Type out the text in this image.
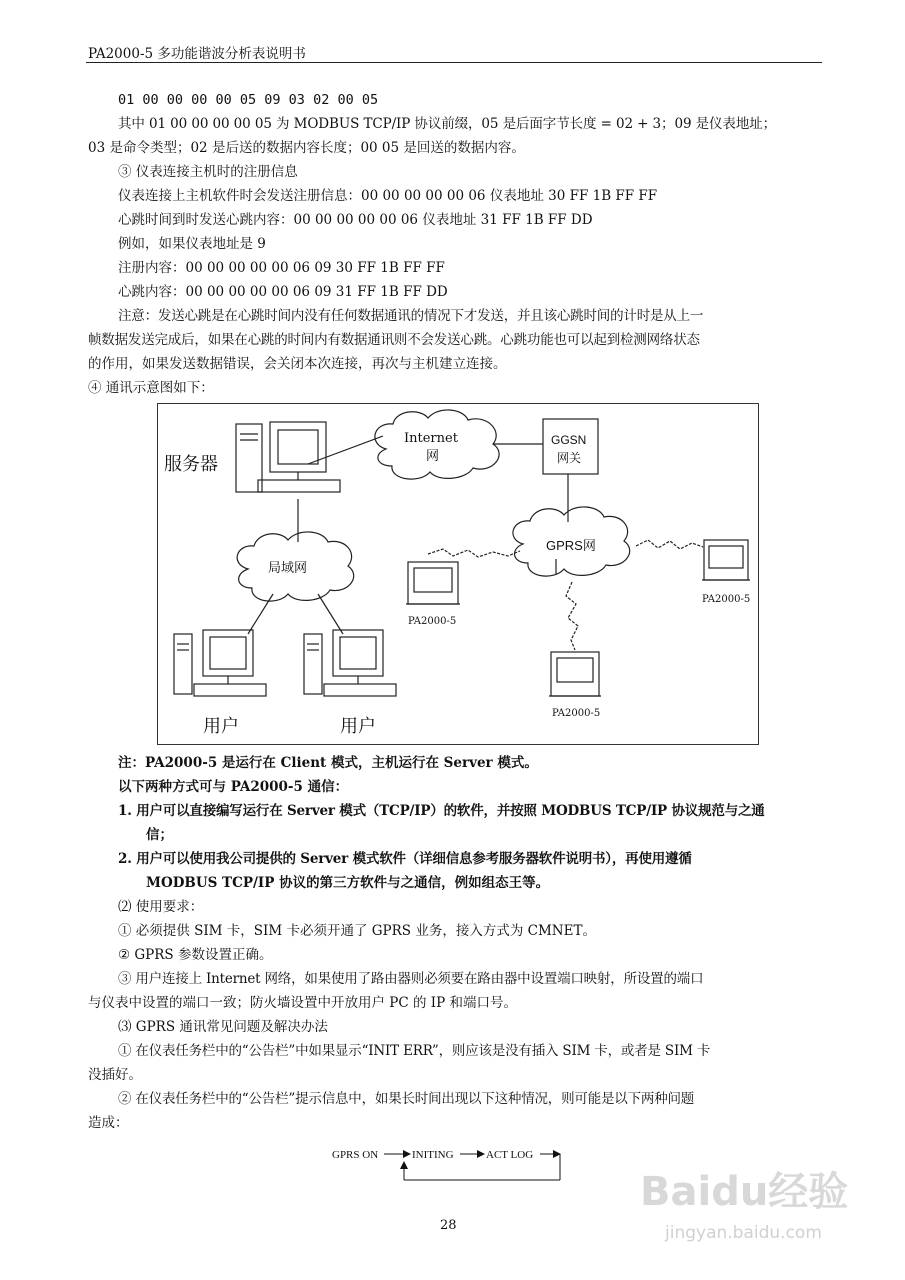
PA2000-5 多功能谐波分析表说明书
01 00 00 00 00 05 09 03 02 00 05
其中 01 00 00 00 00 05 为 MODBUS TCP/IP 协议前缀，05 是后面字节长度 = 02 + 3；09 是仪表地址；
03 是命令类型；02 是后送的数据内容长度；00 05 是回送的数据内容。
③ 仪表连接主机时的注册信息
仪表连接上主机软件时会发送注册信息：00 00 00 00 00 06 仪表地址 30 FF 1B FF FF
心跳时间到时发送心跳内容：00 00 00 00 00 06 仪表地址 31 FF 1B FF DD
例如，如果仪表地址是 9
注册内容：00 00 00 00 00 06 09 30 FF 1B FF FF
心跳内容：00 00 00 00 00 06 09 31 FF 1B FF DD
注意：发送心跳是在心跳时间内没有任何数据通讯的情况下才发送，并且该心跳时间的计时是从上一
帧数据发送完成后，如果在心跳的时间内有数据通讯则不会发送心跳。心跳功能也可以起到检测网络状态
的作用，如果发送数据错误，会关闭本次连接，再次与主机建立连接。
④ 通讯示意图如下：
服务器
Internet
网
GGSN
网关
局域网
GPRS网
用户	用户
PA2000-5
PA2000-5
PA2000-5
注：PA2000-5 是运行在 Client 模式，主机运行在 Server 模式。
以下两种方式可与 PA2000-5 通信：
1. 用户可以直接编写运行在 Server 模式（TCP/IP）的软件，并按照 MODBUS TCP/IP 协议规范与之通
信；
2. 用户可以使用我公司提供的 Server 模式软件（详细信息参考服务器软件说明书），再使用遵循
MODBUS TCP/IP 协议的第三方软件与之通信，例如组态王等。
⑵ 使用要求：
① 必须提供 SIM 卡，SIM 卡必须开通了 GPRS 业务，接入方式为 CMNET。
② GPRS 参数设置正确。
③ 用户连接上 Internet 网络，如果使用了路由器则必须要在路由器中设置端口映射，所设置的端口
与仪表中设置的端口一致；防火墙设置中开放用户 PC 的 IP 和端口号。
⑶ GPRS 通讯常见问题及解决办法
① 在仪表任务栏中的“公告栏”中如果显示“INIT ERR”，则应该是没有插入 SIM 卡，或者是 SIM 卡
没插好。
② 在仪表任务栏中的“公告栏”提示信息中，如果长时间出现以下这种情况，则可能是以下两种问题
造成：
GPRS ON	INITING	ACT LOG
28
Baidu经验
jingyan.baidu.com
